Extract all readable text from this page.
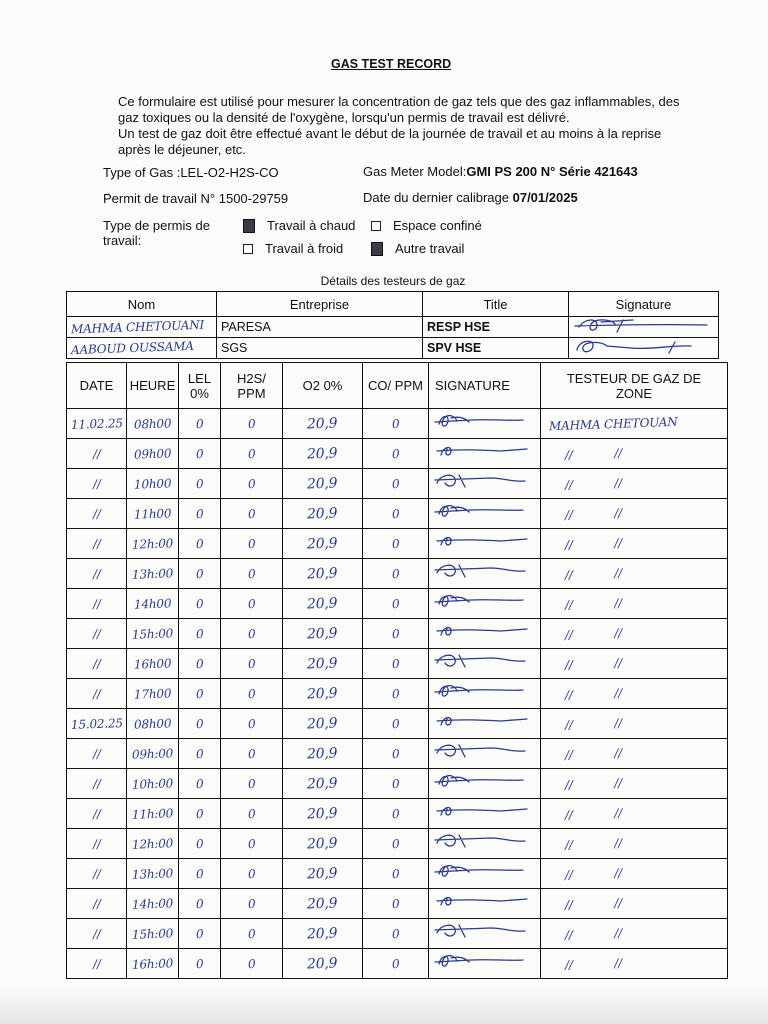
GAS TEST RECORD

Ce formulaire est utilisé pour mesurer la concentration de gaz tels que des gaz inflammables, des gaz toxiques ou la densité de l'oxygène, lorsqu'un permis de travail est délivré.

Un test de gaz doit être effectué avant le début de la journée de travail et au moins à la reprise après le déjeuner, etc.

Type of Gas :LEL-O2-H2S-CO	Gas Meter Model:GMI PS 200 N° Série 421643
Permit de travail N° 1500-29759	Date du dernier calibrage 07/01/2025
Type de permis de travail:
Travail à chaud	Espace confiné
Travail à froid	Autre travail
Détails des testeurs de gaz
Nom	Entreprise	Title	Signature
MAHMA CHETOUANI	PARESA	RESP HSE	
AABOUD OUSSAMA	SGS	SPV HSE	
DATE	HEURE	LEL 0%	H2S/ PPM	O2 0%	CO/ PPM	SIGNATURE	TESTEUR DE GAZ DE ZONE
11.02.25	08h00	0	0	20,9	0		MAHMA CHETOUAN
//	09h00	0	0	20,9	0		// //
//	10h00	0	0	20,9	0		// //
//	11h00	0	0	20,9	0		// //
//	12h:00	0	0	20,9	0		// //
//	13h:00	0	0	20,9	0		// //
//	14h00	0	0	20,9	0		// //
//	15h:00	0	0	20,9	0		// //
//	16h00	0	0	20,9	0		// //
//	17h00	0	0	20,9	0		// //
15.02.25	08h00	0	0	20,9	0		// //
//	09h:00	0	0	20,9	0		// //
//	10h:00	0	0	20,9	0		// //
//	11h:00	0	0	20,9	0		// //
//	12h:00	0	0	20,9	0		// //
//	13h:00	0	0	20,9	0		// //
//	14h:00	0	0	20,9	0		// //
//	15h:00	0	0	20,9	0		// //
//	16h:00	0	0	20,9	0		// //
